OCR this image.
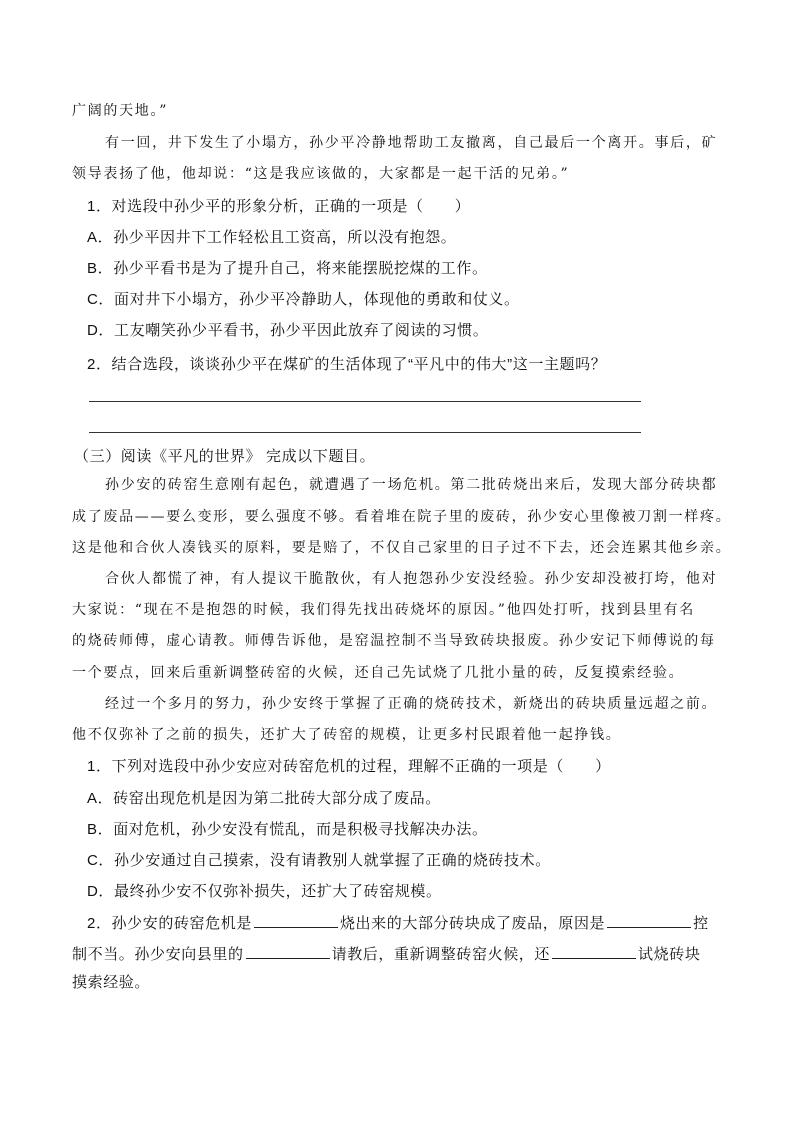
广阔的天地。”
有一回，井下发生了小塌方，孙少平冷静地帮助工友撤离，自己最后一个离开。事后，矿
领导表扬了他，他却说：“这是我应该做的，大家都是一起干活的兄弟。”
1．对选段中孙少平的形象分析，正确的一项是（　　）
A．孙少平因井下工作轻松且工资高，所以没有抱怨。
B．孙少平看书是为了提升自己，将来能摆脱挖煤的工作。
C．面对井下小塌方，孙少平冷静助人，体现他的勇敢和仗义。
D．工友嘲笑孙少平看书，孙少平因此放弃了阅读的习惯。
2．结合选段，谈谈孙少平在煤矿的生活体现了“平凡中的伟大”这一主题吗？
（三）阅读《平凡的世界》 完成以下题目。
孙少安的砖窑生意刚有起色，就遭遇了一场危机。第二批砖烧出来后，发现大部分砖块都
成了废品——要么变形，要么强度不够。看着堆在院子里的废砖，孙少安心里像被刀割一样疼。
这是他和合伙人凑钱买的原料，要是赔了，不仅自己家里的日子过不下去，还会连累其他乡亲。
合伙人都慌了神，有人提议干脆散伙，有人抱怨孙少安没经验。孙少安却没被打垮，他对
大家说：“现在不是抱怨的时候，我们得先找出砖烧坏的原因。”他四处打听，找到县里有名
的烧砖师傅，虚心请教。师傅告诉他，是窑温控制不当导致砖块报废。孙少安记下师傅说的每
一个要点，回来后重新调整砖窑的火候，还自己先试烧了几批小量的砖，反复摸索经验。
经过一个多月的努力，孙少安终于掌握了正确的烧砖技术，新烧出的砖块质量远超之前。
他不仅弥补了之前的损失，还扩大了砖窑的规模，让更多村民跟着他一起挣钱。
1．下列对选段中孙少安应对砖窑危机的过程，理解不正确的一项是（　　）
A．砖窑出现危机是因为第二批砖大部分成了废品。
B．面对危机，孙少安没有慌乱，而是积极寻找解决办法。
C．孙少安通过自己摸索，没有请教别人就掌握了正确的烧砖技术。
D．最终孙少安不仅弥补损失，还扩大了砖窑规模。
2．孙少安的砖窑危机是	烧出来的大部分砖块成了废品，原因是	控
制不当。孙少安向县里的	请教后，重新调整砖窑火候，还	试烧砖块
摸索经验。
